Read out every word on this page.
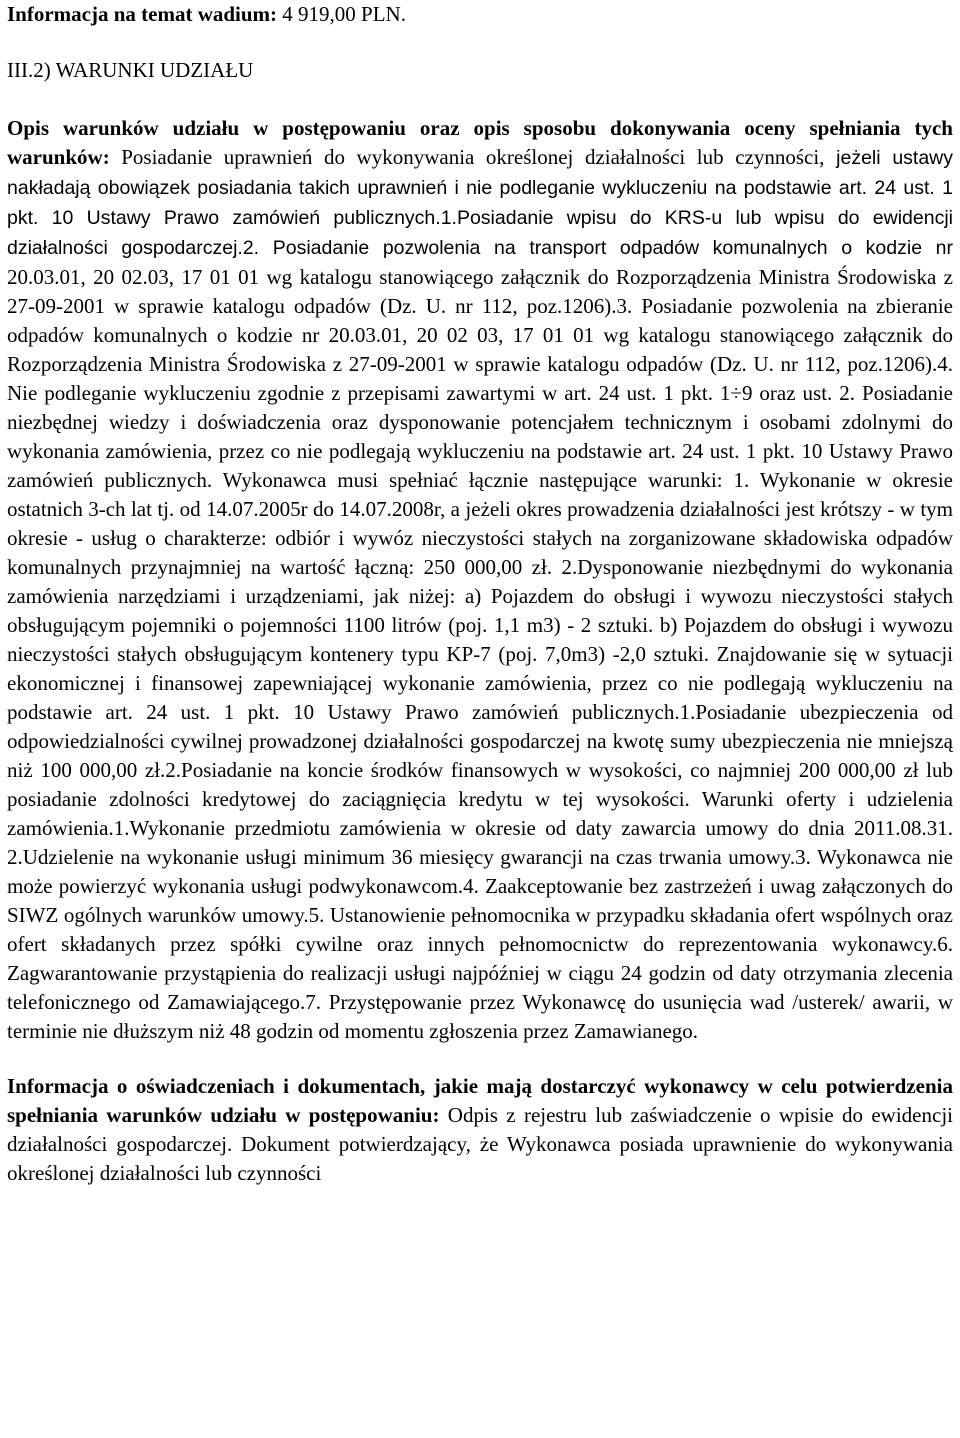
Informacja na temat wadium: 4 919,00 PLN.

III.2) WARUNKI UDZIAŁU

Opis warunków udziału w postępowaniu oraz opis sposobu dokonywania oceny spełniania tych warunków: Posiadanie uprawnień do wykonywania określonej działalności lub czynności, jeżeli ustawy nakładają obowiązek posiadania takich uprawnień i nie podleganie wykluczeniu na podstawie art. 24 ust. 1 pkt. 10 Ustawy Prawo zamówień publicznych.1.Posiadanie wpisu do KRS-u lub wpisu do ewidencji działalności gospodarczej.2. Posiadanie pozwolenia na transport odpadów komunalnych o kodzie nr 20.03.01, 20 02.03, 17 01 01 wg katalogu stanowiącego załącznik do Rozporządzenia Ministra Środowiska z 27-09-2001 w sprawie katalogu odpadów (Dz. U. nr 112, poz.1206).3. Posiadanie pozwolenia na zbieranie odpadów komunalnych o kodzie nr 20.03.01, 20 02 03, 17 01 01 wg katalogu stanowiącego załącznik do Rozporządzenia Ministra Środowiska z 27-09-2001 w sprawie katalogu odpadów (Dz. U. nr 112, poz.1206).4. Nie podleganie wykluczeniu zgodnie z przepisami zawartymi w art. 24 ust. 1 pkt. 1÷9 oraz ust. 2. Posiadanie niezbędnej wiedzy i doświadczenia oraz dysponowanie potencjałem technicznym i osobami zdolnymi do wykonania zamówienia, przez co nie podlegają wykluczeniu na podstawie art. 24 ust. 1 pkt. 10 Ustawy Prawo zamówień publicznych. Wykonawca musi spełniać łącznie następujące warunki: 1. Wykonanie w okresie ostatnich 3-ch lat tj. od 14.07.2005r do 14.07.2008r, a jeżeli okres prowadzenia działalności jest krótszy - w tym okresie - usług o charakterze: odbiór i wywóz nieczystości stałych na zorganizowane składowiska odpadów komunalnych przynajmniej na wartość łączną: 250 000,00 zł. 2.Dysponowanie niezbędnymi do wykonania zamówienia narzędziami i urządzeniami, jak niżej: a) Pojazdem do obsługi i wywozu nieczystości stałych obsługującym pojemniki o pojemności 1100 litrów (poj. 1,1 m3) - 2 sztuki. b) Pojazdem do obsługi i wywozu nieczystości stałych obsługującym kontenery typu KP-7 (poj. 7,0m3) -2,0 sztuki. Znajdowanie się w sytuacji ekonomicznej i finansowej zapewniającej wykonanie zamówienia, przez co nie podlegają wykluczeniu na podstawie art. 24 ust. 1 pkt. 10 Ustawy Prawo zamówień publicznych.1.Posiadanie ubezpieczenia od odpowiedzialności cywilnej prowadzonej działalności gospodarczej na kwotę sumy ubezpieczenia nie mniejszą niż 100 000,00 zł.2.Posiadanie na koncie środków finansowych w wysokości, co najmniej 200 000,00 zł lub posiadanie zdolności kredytowej do zaciągnięcia kredytu w tej wysokości. Warunki oferty i udzielenia zamówienia.1.Wykonanie przedmiotu zamówienia w okresie od daty zawarcia umowy do dnia 2011.08.31. 2.Udzielenie na wykonanie usługi minimum 36 miesięcy gwarancji na czas trwania umowy.3. Wykonawca nie może powierzyć wykonania usługi podwykonawcom.4. Zaakceptowanie bez zastrzeżeń i uwag załączonych do SIWZ ogólnych warunków umowy.5. Ustanowienie pełnomocnika w przypadku składania ofert wspólnych oraz ofert składanych przez spółki cywilne oraz innych pełnomocnictw do reprezentowania wykonawcy.6. Zagwarantowanie przystąpienia do realizacji usługi najpóźniej w ciągu 24 godzin od daty otrzymania zlecenia telefonicznego od Zamawiającego.7. Przystępowanie przez Wykonawcę do usunięcia wad /usterek/ awarii, w terminie nie dłuższym niż 48 godzin od momentu zgłoszenia przez Zamawianego.

Informacja o oświadczeniach i dokumentach, jakie mają dostarczyć wykonawcy w celu potwierdzenia spełniania warunków udziału w postępowaniu: Odpis z rejestru lub zaświadczenie o wpisie do ewidencji działalności gospodarczej. Dokument potwierdzający, że Wykonawca posiada uprawnienie do wykonywania określonej działalności lub czynności
